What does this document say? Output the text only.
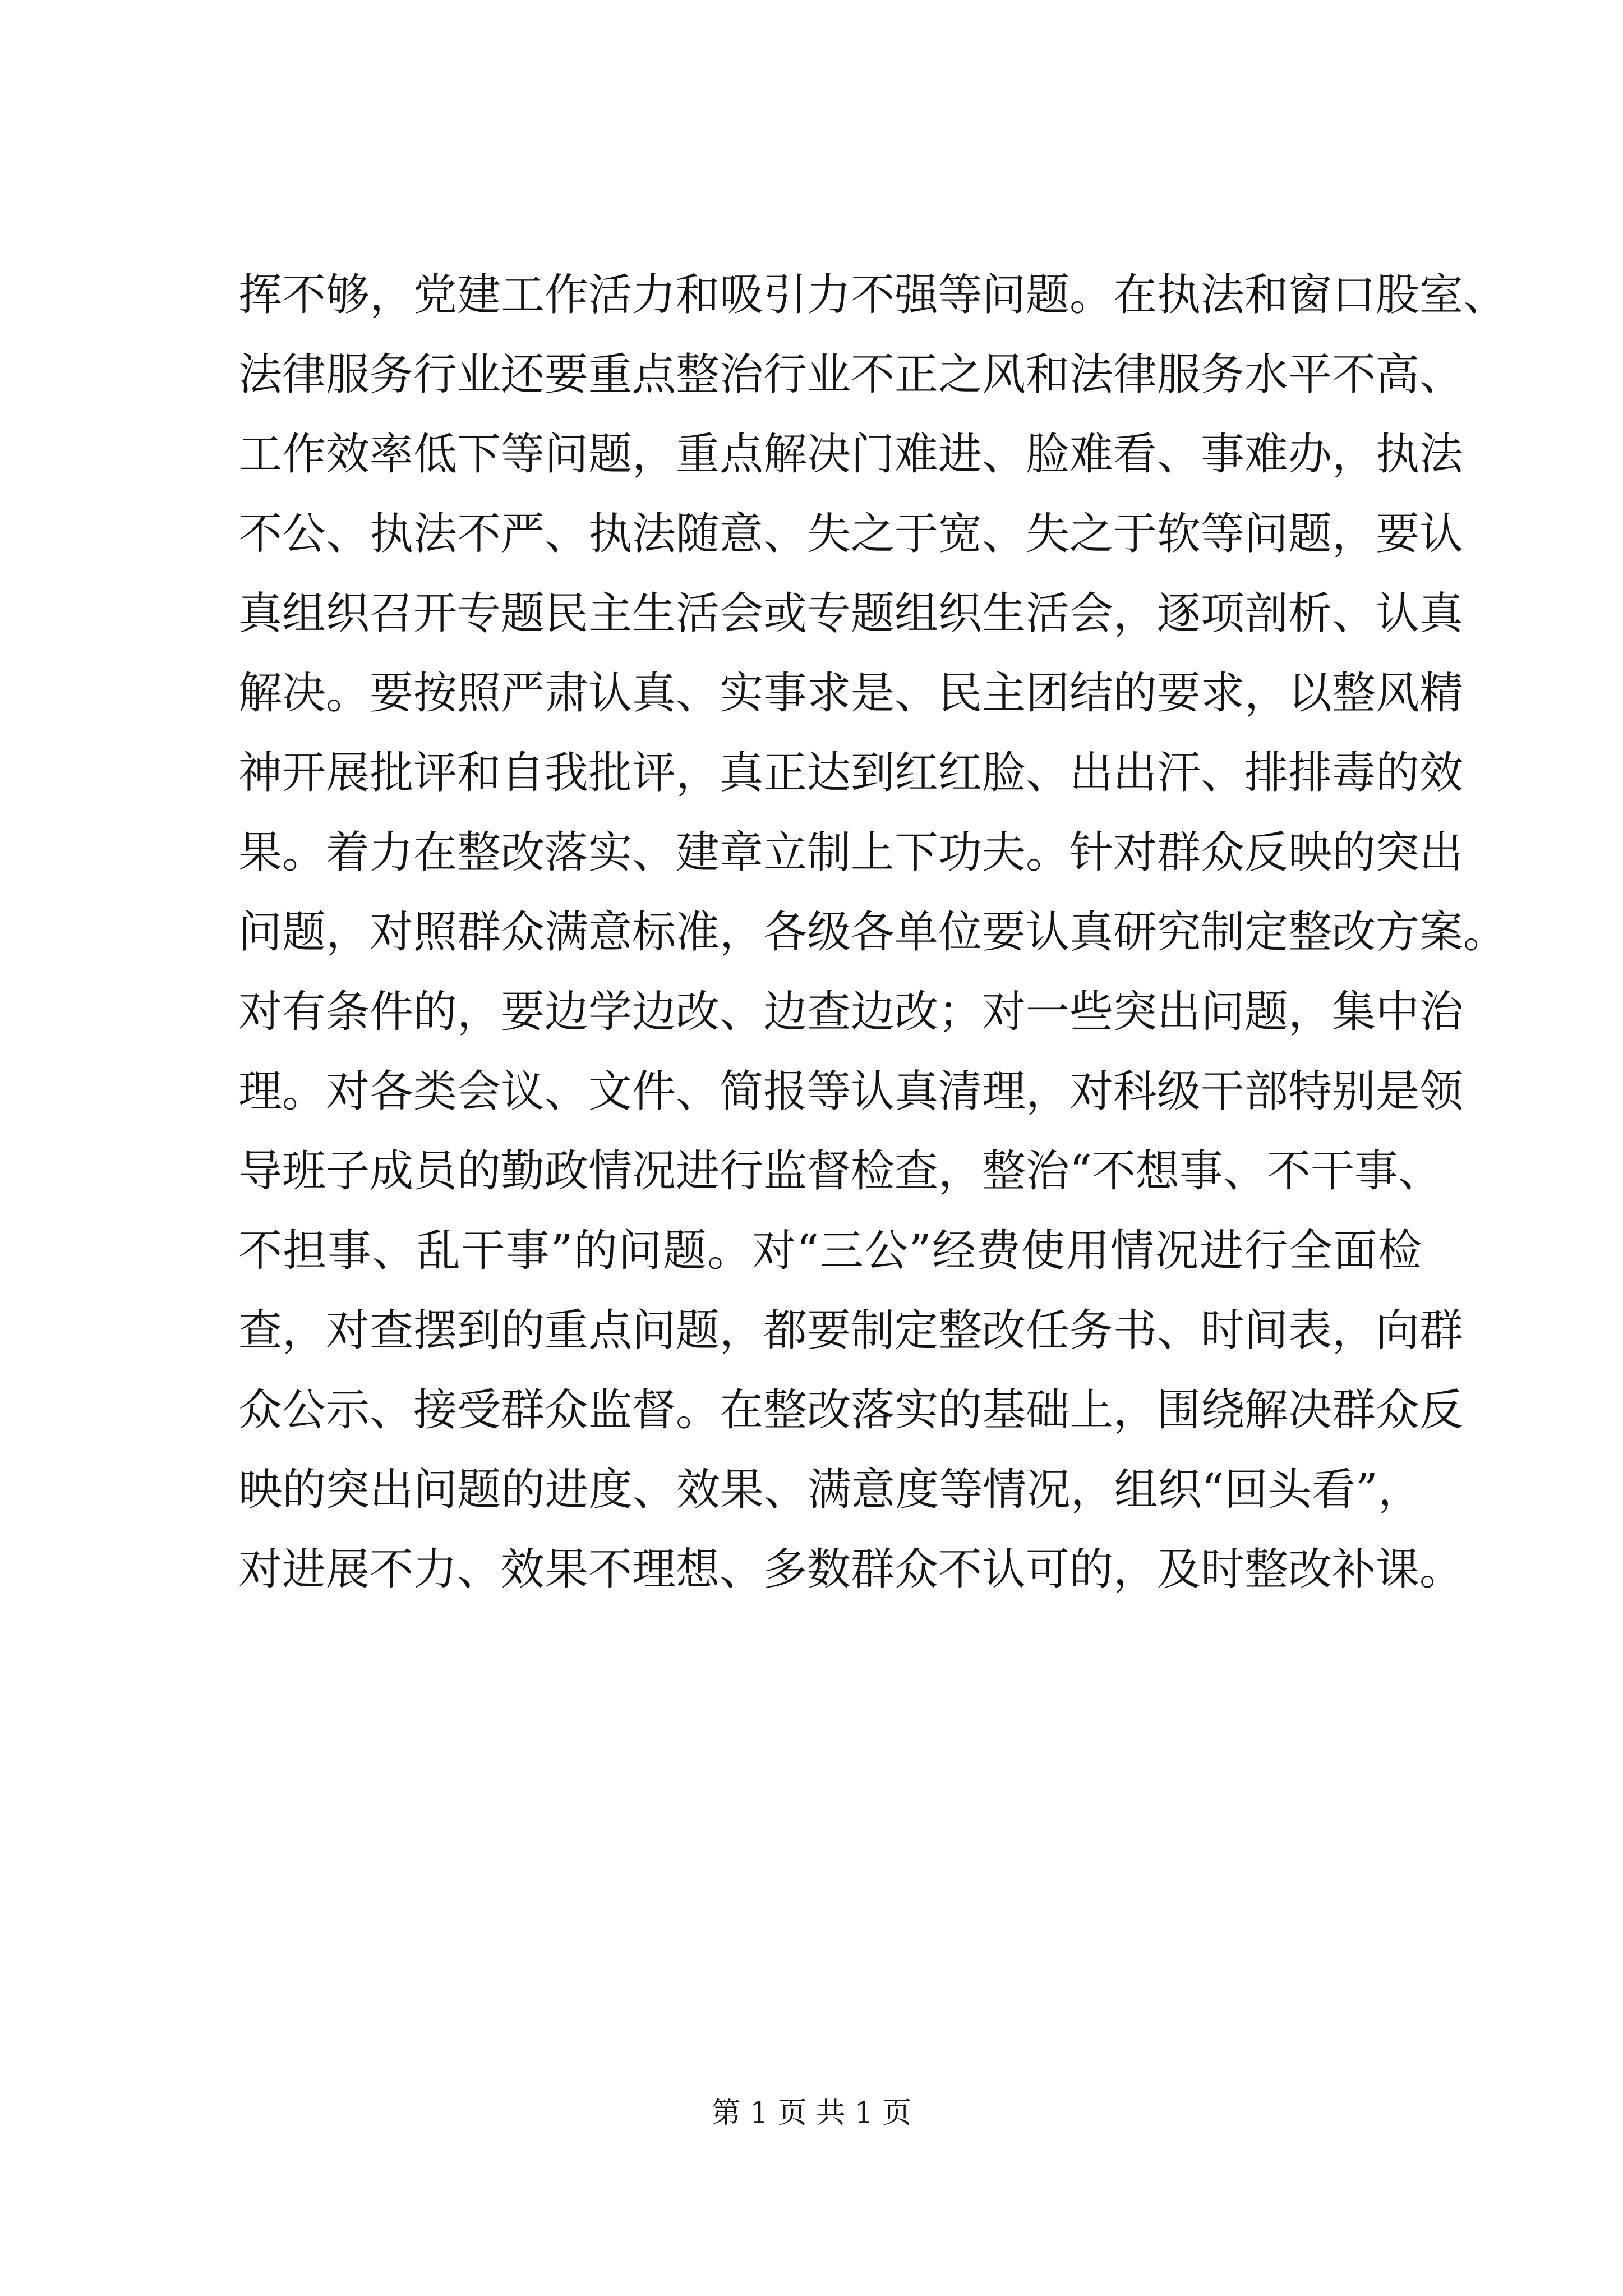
挥不够，党建工作活力和吸引力不强等问题。在执法和窗口股室、
法律服务行业还要重点整治行业不正之风和法律服务水平不高、
工作效率低下等问题，重点解决门难进、脸难看、事难办，执法
不公、执法不严、执法随意、失之于宽、失之于软等问题，要认
真组织召开专题民主生活会或专题组织生活会，逐项剖析、认真
解决。要按照严肃认真、实事求是、民主团结的要求，以整风精
神开展批评和自我批评，真正达到红红脸、出出汗、排排毒的效
果。着力在整改落实、建章立制上下功夫。针对群众反映的突出
问题，对照群众满意标准，各级各单位要认真研究制定整改方案。
对有条件的，要边学边改、边查边改；对一些突出问题，集中治
理。对各类会议、文件、简报等认真清理，对科级干部特别是领
导班子成员的勤政情况进行监督检查，整治“不想事、不干事、
不担事、乱干事”的问题。对“三公”经费使用情况进行全面检
查，对查摆到的重点问题，都要制定整改任务书、时间表，向群
众公示、接受群众监督。在整改落实的基础上，围绕解决群众反
映的突出问题的进度、效果、满意度等情况，组织“回头看”，
对进展不力、效果不理想、多数群众不认可的，及时整改补课。
第 1 页 共 1 页
